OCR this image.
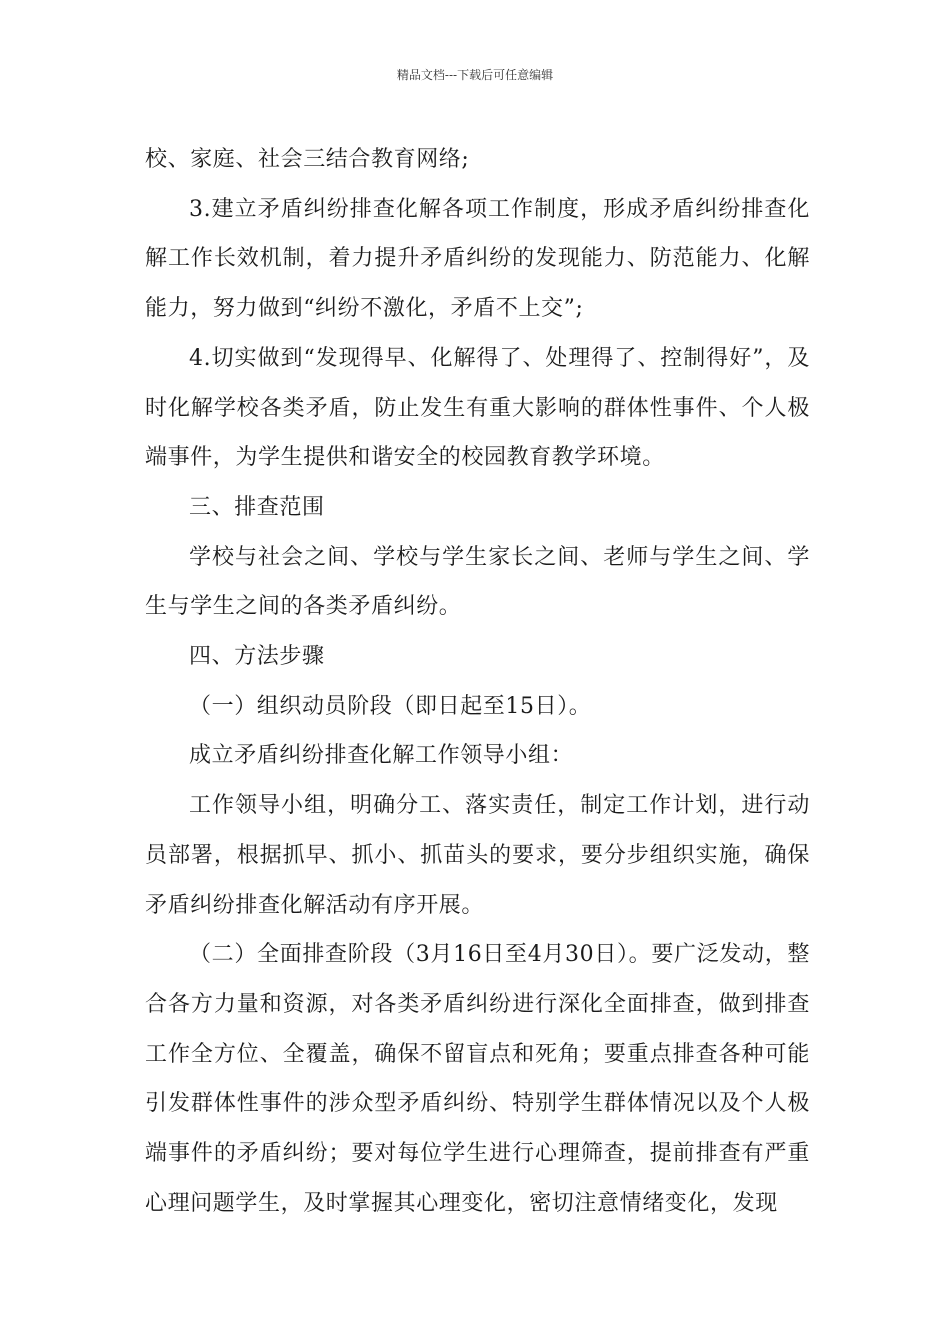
精品文档---下载后可任意编辑

校、家庭、社会三结合教育网络;

3.建立矛盾纠纷排查化解各项工作制度，形成矛盾纠纷排查化解工作长效机制，着力提升矛盾纠纷的发现能力、防范能力、化解能力，努力做到“纠纷不激化，矛盾不上交”;

4.切实做到“发现得早、化解得了、处理得了、控制得好”，及时化解学校各类矛盾，防止发生有重大影响的群体性事件、个人极端事件，为学生提供和谐安全的校园教育教学环境。

三、排查范围

学校与社会之间、学校与学生家长之间、老师与学生之间、学生与学生之间的各类矛盾纠纷。

四、方法步骤

（一）组织动员阶段（即日起至15日）。

成立矛盾纠纷排查化解工作领导小组：

工作领导小组，明确分工、落实责任，制定工作计划，进行动员部署，根据抓早、抓小、抓苗头的要求，要分步组织实施，确保矛盾纠纷排查化解活动有序开展。

（二）全面排查阶段（3月16日至4月30日）。要广泛发动，整合各方力量和资源，对各类矛盾纠纷进行深化全面排查，做到排查工作全方位、全覆盖，确保不留盲点和死角；要重点排查各种可能引发群体性事件的涉众型矛盾纠纷、特别学生群体情况以及个人极端事件的矛盾纠纷；要对每位学生进行心理筛查，提前排查有严重心理问题学生，及时掌握其心理变化，密切注意情绪变化，发现
